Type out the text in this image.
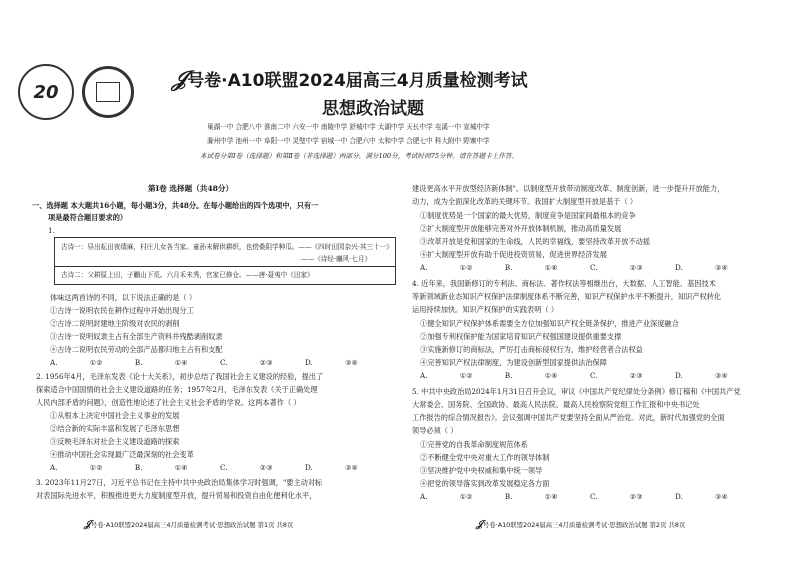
20	𝒥号卷·A10联盟2024届高三4月质量检测考试
思想政治试题
巢湖一中 合肥八中 淮南二中 六安一中 南陵中学 舒城中学 太湖中学 天长中学 屯溪一中 宣城中学
滁州中学 池州一中 阜阳一中 灵璧中学 宿城一中 合肥六中 太和中学 合肥七中 科大附中 野寨中学
本试卷分第Ⅰ卷（选择题）和第Ⅱ卷（非选择题）两部分，满分100分，考试时间75分钟。请在答题卡上作答。
第Ⅰ卷 选择题（共48分）
一、选择题 本大题共16小题，每小题3分，共48分。在每小题给出的四个选项中，只有一
项是最符合题目要求的）
1.
古诗一：昼出耘田夜绩麻，村庄儿女各当家。童孙未解供耕织，也傍桑阴学种瓜。——《四时田园杂兴·其三十一》
——《诗经·豳风·七月》
古诗二：父耕原上田，子劚山下荒。六月禾未秀，官家已修仓。——唐·聂夷中《田家》
体味这两首诗的不同，以下说法正确的是（ ）
①古诗一说明农民在耕作过程中开始出现分工
②古诗二说明封建地主阶级对农民的剥削
③古诗一说明奴隶主占有全部生产资料并残酷剥削奴隶
④古诗二说明农民劳动的全部产品都归地主占有和支配
A. ①② B. ①④ C. ②③ D. ③④
2. 1956年4月，毛泽东发表《论十大关系》，初步总结了我国社会主义建设的经验，提出了
探索适合中国国情的社会主义建设道路的任务；1957年2月，毛泽东发表《关于正确处理
人民内部矛盾的问题》，创造性地论述了社会主义社会矛盾的学说。这两本著作（ ）
①从根本上决定中国社会主义事业的发展
②结合新的实际丰富和发展了毛泽东思想
③反映毛泽东对社会主义建设道路的探索
④推动中国社会实现最广泛最深刻的社会变革
A. ①② B. ①④ C. ②③ D. ③④
3. 2023年11月27日，习近平总书记在主持中共中央政治局集体学习时强调，"要主动对标
对表国际先进水平，积极推进更大力度制度型开放，提升贸易和投资自由化便利化水平，
建设更高水平开放型经济新体制"。以制度型开放带动制度改革、制度创新，进一步提升开放能力，
动力，成为全面深化改革的关键环节。我国扩大制度型开放是基于（ ）
①制度优势是一个国家的最大优势，制度竞争是国家间最根本的竞争
②扩大制度型开放能够完善对外开放体制机制，推动高质量发展
③改革开放是党和国家的生命线，人民的幸福线，要坚持改革开放不动摇
④扩大制度型开放有助于促进投资贸易，促进世界经济发展
A. ①② B. ①④ C. ②③ D. ③④
4. 近年来，我国新修订的专利法、商标法、著作权法等相继出台，大数据、人工智能、基因技术
等新领域新业态知识产权保护法律制度体系不断完善，知识产权保护水平不断提升，知识产权转化
运用持续加快。知识产权保护的实践表明（ ）
①健全知识产权保护体系需要全方位加强知识产权全链条保护，推进产业深度融合
②加强专利权保护能为国家培育知识产权强国建设提供重要支撑
③实施新修订的商标法，严厉打击商标侵权行为，维护经营者合法权益
④完善知识产权法律制度，为建设创新型国家提供法治保障
A. ①② B. ①④ C. ②③ D. ③④
5. 中共中央政治局2024年1月31日召开会议，审议《中国共产党纪律处分条例》修订稿和《中国共产党
大常委会、国务院、全国政协、最高人民法院、最高人民检察院党组工作汇报和中央书记处
工作报告的综合情况报告》。会议强调中国共产党要坚持全面从严治党。对此，新时代加强党的全面
领导必须（ ）
①完善党的自我革命制度规范体系
②不断健全党中央对重大工作的领导体制
③坚决维护党中央权威和集中统一领导
④把党的领导落实到改革发展稳定各方面
A. ①② B. ①④ C. ②③ D. ③④
𝒥号卷·A10联盟2024届高三4月质量检测考试·思想政治试题 第1页 共8页	𝒥号卷·A10联盟2024届高三4月质量检测考试·思想政治试题 第2页 共8页
